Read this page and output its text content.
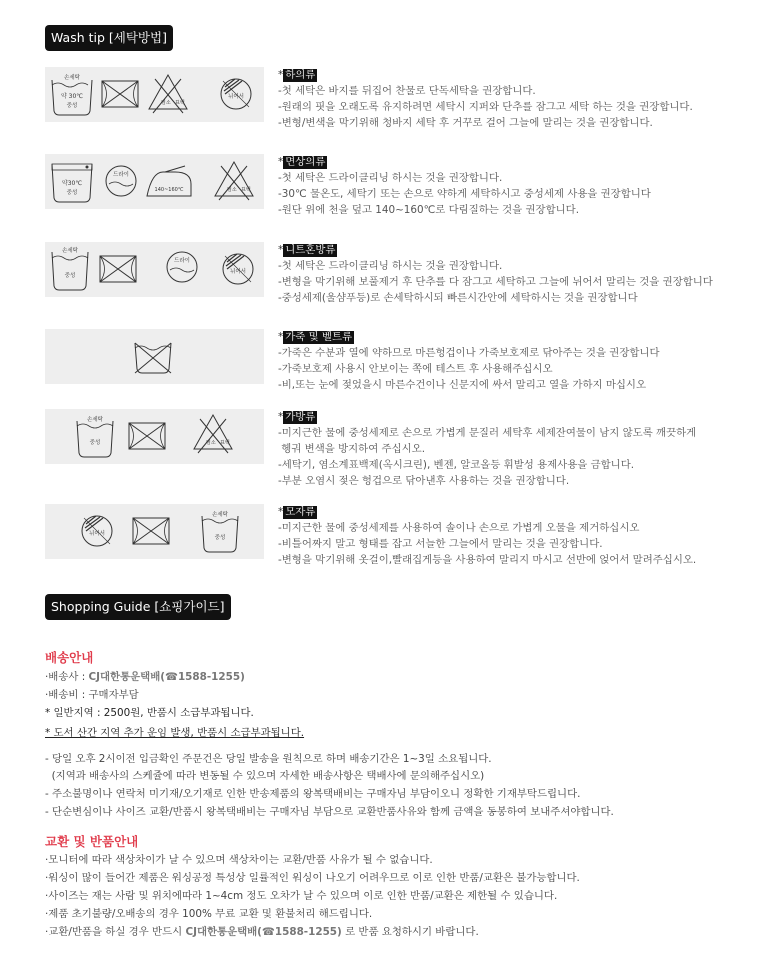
Wash tip [세탁방법]
손세탁
약 30℃
중성	염소 표백
뉘어서
* 하의류
-첫 세탁은 바지를 뒤집어 찬물로 단독세탁을 권장합니다.
-원래의 핏을 오래도록 유지하려면 세탁시 지퍼와 단추를 잠그고 세탁 하는 것을 권장합니다.
-변형/변색을 막기위해 청바지 세탁 후 거꾸로 걸어 그늘에 말리는 것을 권장합니다.
약30℃
중성
드라이
140~160℃	염소 표백
* 면상의류
-첫 세탁은 드라이클리닝 하시는 것을 권장합니다.
-30℃ 물온도, 세탁기 또는 손으로 약하게 세탁하시고 중성세제 사용을 권장합니다
-원단 위에 천을 덮고 140~160℃로 다림질하는 것을 권장합니다.
손세탁
중성
드라이
뉘어서
* 니트혼방류
-첫 세탁은 드라이클리닝 하시는 것을 권장합니다.
-변형을 막기위해 보풀제거 후 단추를 다 잠그고 세탁하고 그늘에 뉘어서 말리는 것을 권장합니다
-중성세제(울샴푸등)로 손세탁하시되 빠른시간안에 세탁하시는 것을 권장합니다
* 가죽 및 벨트류
-가죽은 수분과 열에 약하므로 마른헝겁이나 가죽보호제로 닦아주는 것을 권장합니다
-가죽보호제 사용시 안보이는 쪽에 테스트 후 사용해주십시오
-비,또는 눈에 젖었을시 마른수건이나 신문지에 싸서 말리고 열을 가하지 마십시오
손세탁
중성	염소 표백
* 가방류
-미지근한 물에 중성세제로 손으로 가볍게 문질러 세탁후 세제잔여물이 남지 않도록 깨끗하게
헹궈 변색을 방지하여 주십시오.
-세탁기, 염소계표백제(옥시크린), 벤젠, 알코올등 휘발성 용제사용을 금합니다.
-부분 오염시 젖은 헝겁으로 닦아낸후 사용하는 것을 권장합니다.
뉘어서
손세탁
중성
* 모자류
-미지근한 물에 중성세제를 사용하여 솔이나 손으로 가볍게 오물을 제거하십시오
-비틀어짜지 말고 형태를 잡고 서늘한 그늘에서 말리는 것을 권장합니다.
-변형을 막기위해 옷걸이,빨래집게등을 사용하여 말리지 마시고 선반에 얹어서 말려주십시오.
Shopping Guide [쇼핑가이드]
배송안내
·배송사 : CJ대한통운택배(☎1588-1255)
·배송비 : 구매자부담
* 일반지역 : 2500원, 반품시 소급부과됩니다.
* 도서 산간 지역 추가 운임 발생, 반품시 소급부과됩니다.
- 당일 오후 2시이전 입금확인 주문건은 당일 발송을 원칙으로 하며 배송기간은 1~3일 소요됩니다.
(지역과 배송사의 스케쥴에 따라 변동될 수 있으며 자세한 배송사항은 택배사에 문의해주십시오)
- 주소불명이나 연락처 미기재/오기재로 인한 반송제품의 왕복택배비는 구매자님 부담이오니 정확한 기재부탁드립니다.
- 단순변심이나 사이즈 교환/반품시 왕복택배비는 구매자님 부담으로 교환반품사유와 함께 금액을 동봉하여 보내주셔야합니다.
교환 및 반품안내
·모니터에 따라 색상차이가 날 수 있으며 색상차이는 교환/반품 사유가 될 수 없습니다.
·워싱이 많이 들어간 제품은 워싱공정 특성상 일률적인 워싱이 나오기 어려우므로 이로 인한 반품/교환은 불가능합니다.
·사이즈는 재는 사람 및 위치에따라 1~4cm 정도 오차가 날 수 있으며 이로 인한 반품/교환은 제한될 수 있습니다.
·제품 초기불량/오배송의 경우 100% 무료 교환 및 환불처리 해드립니다.
·교환/반품을 하실 경우 반드시 CJ대한통운택배(☎1588-1255) 로 반품 요청하시기 바랍니다.
